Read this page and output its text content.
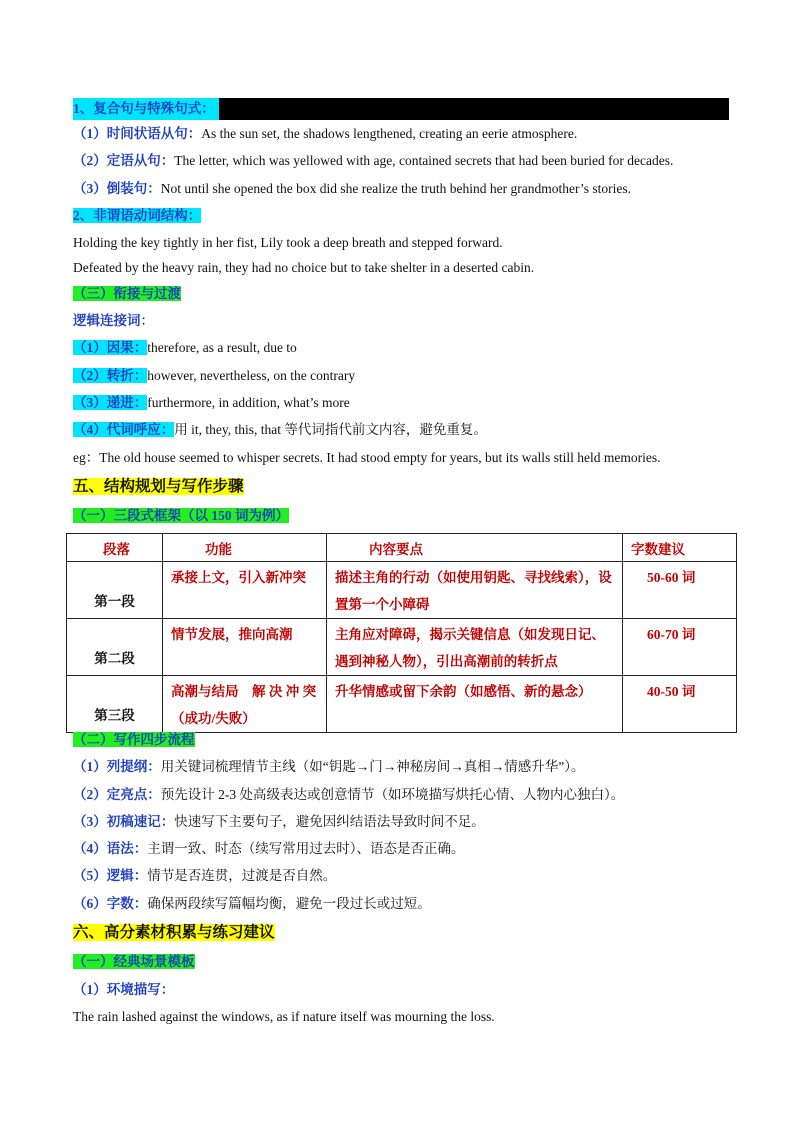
1、复合句与特殊句式：
（1）时间状语从句：As the sun set, the shadows lengthened, creating an eerie atmosphere.
（2）定语从句：The letter, which was yellowed with age, contained secrets that had been buried for decades.
（3）倒装句：Not until she opened the box did she realize the truth behind her grandmother’s stories.
2、非谓语动词结构：
Holding the key tightly in her fist, Lily took a deep breath and stepped forward.
Defeated by the heavy rain, they had no choice but to take shelter in a deserted cabin.
（三）衔接与过渡
逻辑连接词：
（1）因果：therefore, as a result, due to
（2）转折：however, nevertheless, on the contrary
（3）递进：furthermore, in addition, what’s more
（4）代词呼应：用 it, they, this, that 等代词指代前文内容，避免重复。
eg：The old house seemed to whisper secrets. It had stood empty for years, but its walls still held memories.
五、结构规划与写作步骤
（一）三段式框架（以 150 词为例）
段落	功能	内容要点	字数建议

第一段	承接上文，引入新冲突	描述主角的行动（如使用钥匙、寻找线索），设置第一个小障碍	50-60 词

第二段	情节发展，推向高潮	主角应对障碍，揭示关键信息（如发现日记、遇到神秘人物），引出高潮前的转折点	60-70 词

第三段	高潮与结局　解 决 冲 突（成功/失败）	升华情感或留下余韵（如感悟、新的悬念）	40-50 词
（二）写作四步流程
（1）列提纲：用关键词梳理情节主线（如“钥匙→门→神秘房间→真相→情感升华”）。
（2）定亮点：预先设计 2-3 处高级表达或创意情节（如环境描写烘托心情、人物内心独白）。
（3）初稿速记：快速写下主要句子，避免因纠结语法导致时间不足。
（4）语法：主谓一致、时态（续写常用过去时）、语态是否正确。
（5）逻辑：情节是否连贯，过渡是否自然。
（6）字数：确保两段续写篇幅均衡，避免一段过长或过短。
六、高分素材积累与练习建议
（一）经典场景模板
（1）环境描写：
The rain lashed against the windows, as if nature itself was mourning the loss.
